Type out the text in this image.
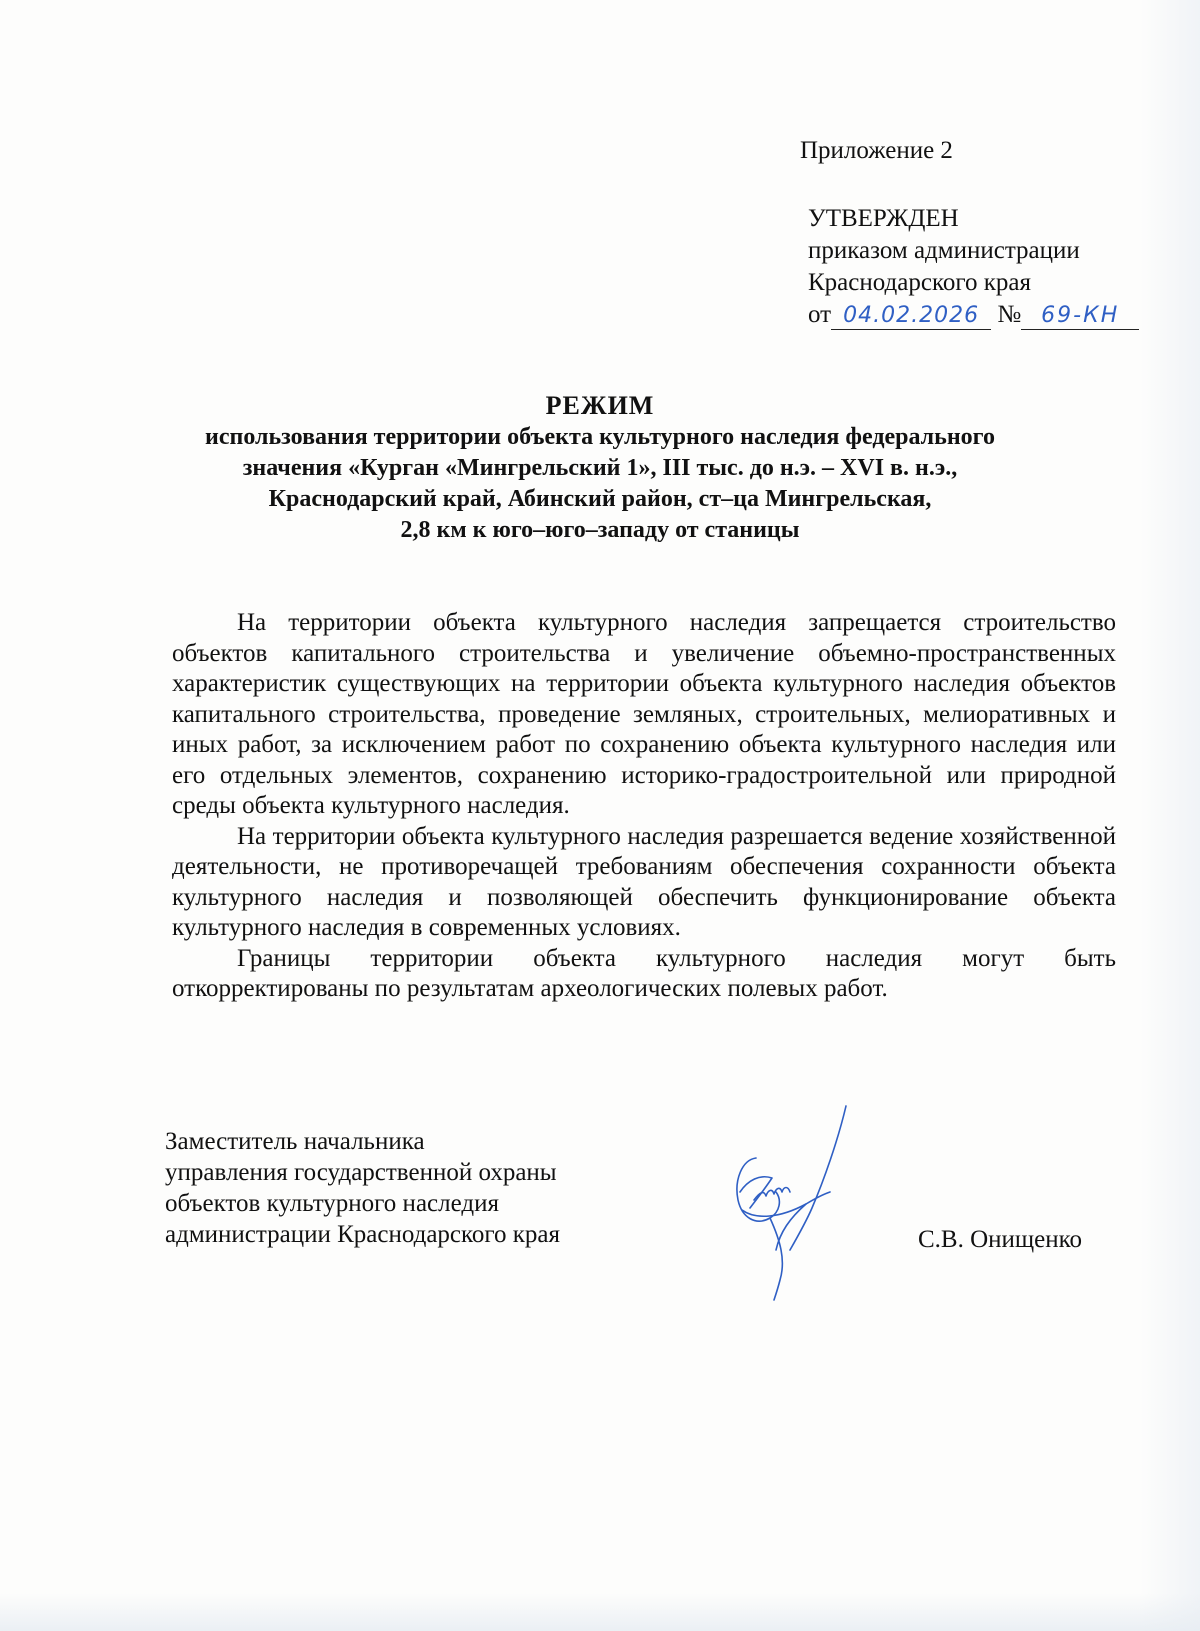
Приложение 2
УТВЕРЖДЕН
приказом администрации
Краснодарского края
от 04.02.2026 № 69-КН
РЕЖИМ
использования территории объекта культурного наследия федерального
значения «Курган «Мингрельский 1», III тыс. до н.э. – XVI в. н.э.,
Краснодарский край, Абинский район, ст–ца Мингрельская,
2,8 км к юго–юго–западу от станицы

На территории объекта культурного наследия запрещается строительство объектов капитального строительства и увеличение объемно-пространственных характеристик существующих на территории объекта культурного наследия объектов капитального строительства, проведение земляных, строительных, мелиоративных и иных работ, за исключением работ по сохранению объекта культурного наследия или его отдельных элементов, сохранению историко-градостроительной или природной среды объекта культурного наследия.

На территории объекта культурного наследия разрешается ведение хозяйственной деятельности, не противоречащей требованиям обеспечения сохранности объекта культурного наследия и позволяющей обеспечить функционирование объекта культурного наследия в современных условиях.

Границы территории объекта культурного наследия могут быть откорректированы по результатам археологических полевых работ.

Заместитель начальника
управления государственной охраны
объектов культурного наследия
администрации Краснодарского края	С.В. Онищенко
